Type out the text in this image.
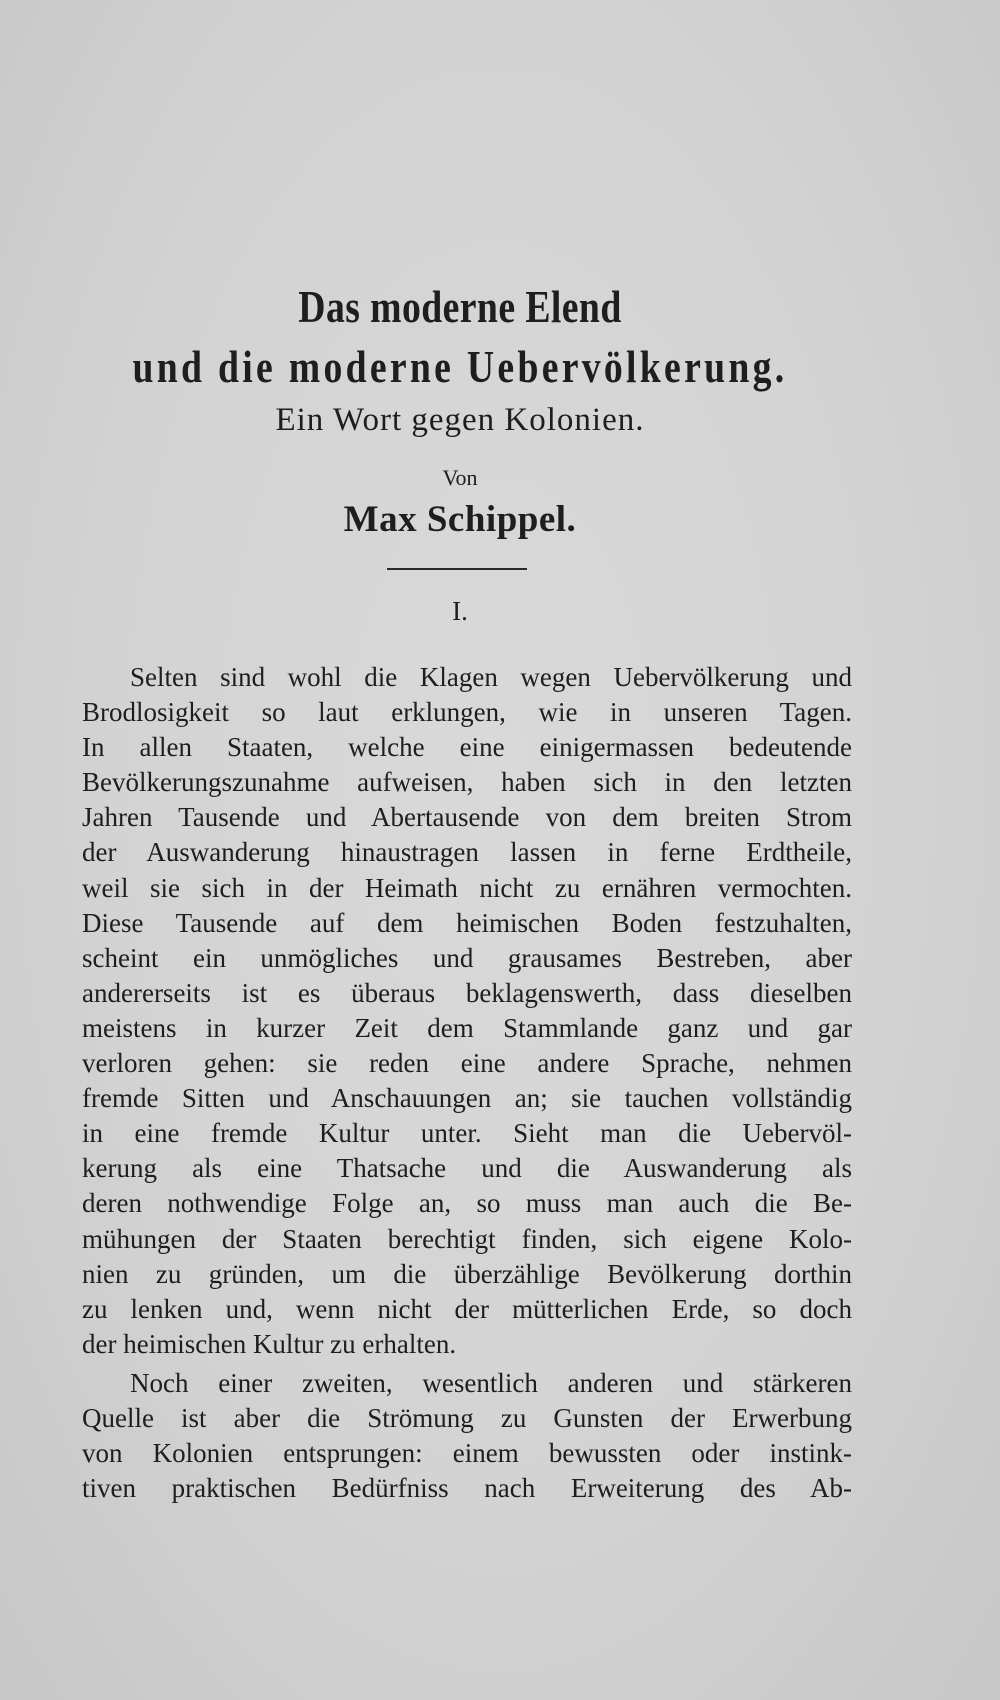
Das moderne Elend
und die moderne Uebervölkerung.
Ein Wort gegen Kolonien.
Von
Max Schippel.
I.
Selten sind wohl die Klagen wegen Uebervölkerung und
Brodlosigkeit so laut erklungen, wie in unseren Tagen.
In allen Staaten, welche eine einigermassen bedeutende
Bevölkerungszunahme aufweisen, haben sich in den letzten
Jahren Tausende und Abertausende von dem breiten Strom
der Auswanderung hinaustragen lassen in ferne Erdtheile,
weil sie sich in der Heimath nicht zu ernähren vermochten.
Diese Tausende auf dem heimischen Boden festzuhalten,
scheint ein unmögliches und grausames Bestreben, aber
andererseits ist es überaus beklagenswerth, dass dieselben
meistens in kurzer Zeit dem Stammlande ganz und gar
verloren gehen: sie reden eine andere Sprache, nehmen
fremde Sitten und Anschauungen an; sie tauchen vollständig
in eine fremde Kultur unter. Sieht man die Uebervöl-
kerung als eine Thatsache und die Auswanderung als
deren nothwendige Folge an, so muss man auch die Be-
mühungen der Staaten berechtigt finden, sich eigene Kolo-
nien zu gründen, um die überzählige Bevölkerung dorthin
zu lenken und, wenn nicht der mütterlichen Erde, so doch
der heimischen Kultur zu erhalten.
Noch einer zweiten, wesentlich anderen und stärkeren
Quelle ist aber die Strömung zu Gunsten der Erwerbung
von Kolonien entsprungen: einem bewussten oder instink-
tiven praktischen Bedürfniss nach Erweiterung des Ab-
